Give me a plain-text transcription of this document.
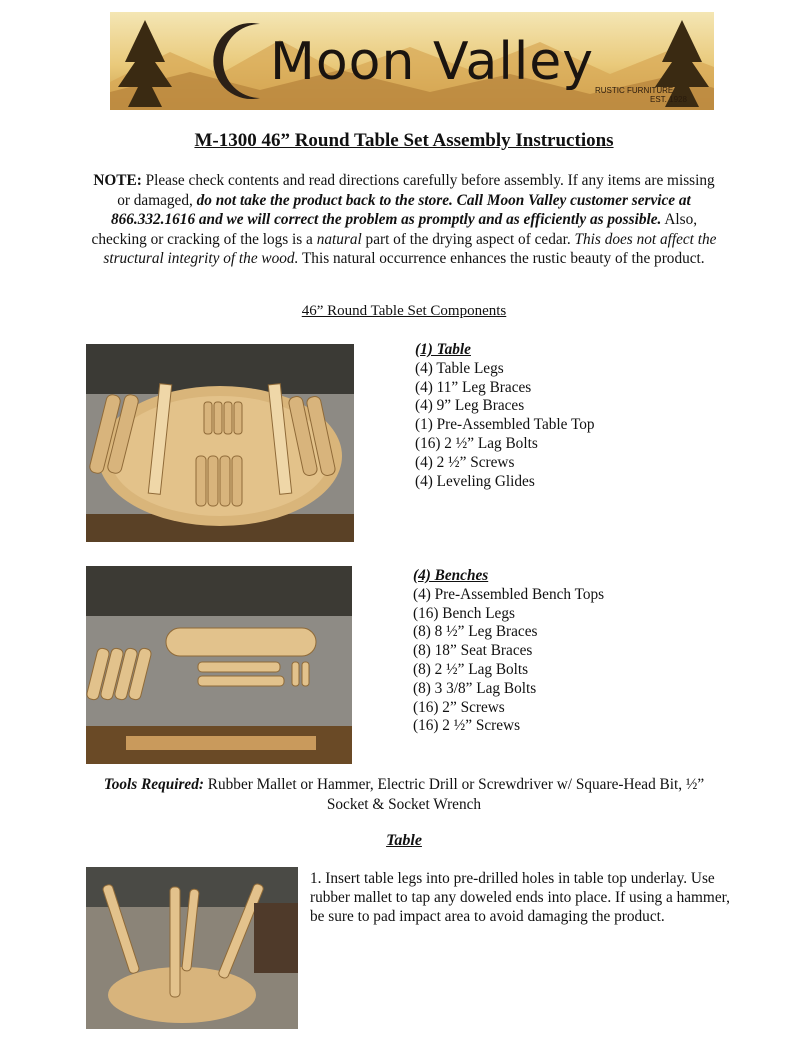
Moon Valley RUSTIC FURNITURE
EST. 1928
M-1300 46” Round Table Set Assembly Instructions
NOTE: Please check contents and read directions carefully before assembly. If any items are missing or damaged, do not take the product back to the store. Call Moon Valley customer service at 866.332.1616 and we will correct the problem as promptly and as efficiently as possible. Also, checking or cracking of the logs is a natural part of the drying aspect of cedar. This does not affect the structural integrity of the wood. This natural occurrence enhances the rustic beauty of the product.
46” Round Table Set Components
(1) Table
(4) Table Legs
(4) 11” Leg Braces
(4) 9” Leg Braces
(1) Pre-Assembled Table Top
(16) 2 ½” Lag Bolts
(4) 2 ½” Screws
(4) Leveling Glides
(4) Benches
(4) Pre-Assembled Bench Tops
(16) Bench Legs
(8) 8 ½” Leg Braces
(8) 18” Seat Braces
(8) 2 ½” Lag Bolts
(8) 3 3/8” Lag Bolts
(16) 2” Screws
(16) 2 ½” Screws
Tools Required: Rubber Mallet or Hammer, Electric Drill or Screwdriver w/ Square-Head Bit, ½” Socket & Socket Wrench
Table
1. Insert table legs into pre-drilled holes in table top underlay. Use rubber mallet to tap any doweled ends into place. If using a hammer, be sure to pad impact area to avoid damaging the product.
